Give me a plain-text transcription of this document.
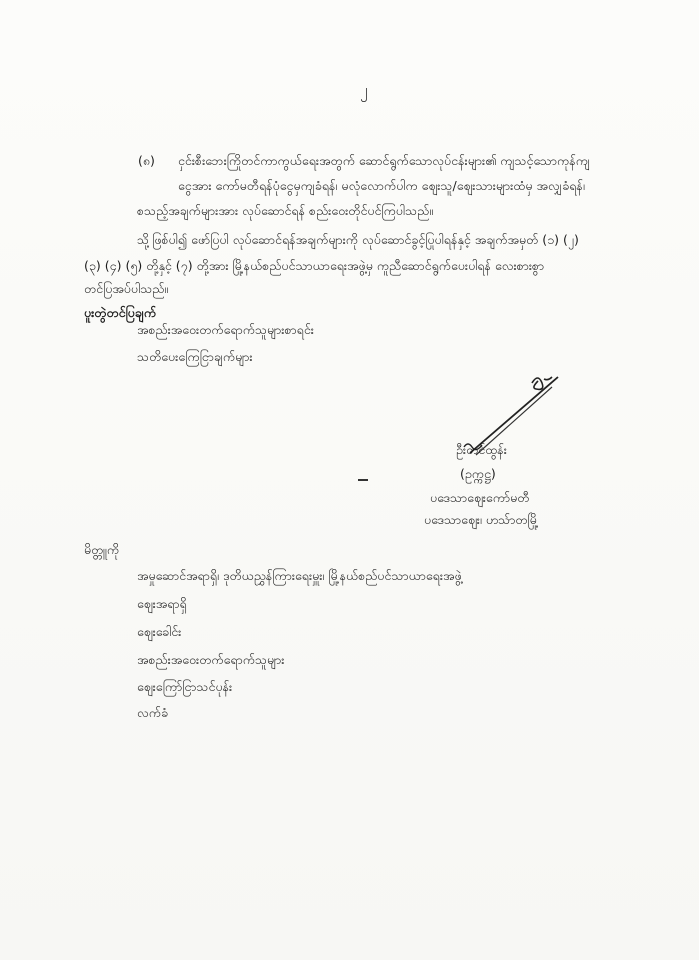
၂
(၈) ငှင်းစီးဘေးကြိုတင်ကာကွယ်ရေးအတွက် ဆောင်ရွက်သောလုပ်ငန်းများ၏ ကျသင့်သောကုန်ကျ
ငွေအား ကော်မတီရန်ပုံငွေမှကျခံရန်၊ မလုံလောက်ပါက ဈေးသူ/ဈေးသားများထံမှ အလျှခံရန်၊
စသည့်အချက်များအား လုပ်ဆောင်ရန် စည်းဝေးတိုင်ပင်ကြပါသည်။
သို့ဖြစ်ပါ၍ ဖော်ပြပါ လုပ်ဆောင်ရန်အချက်များကို လုပ်ဆောင်ခွင့်ပြုပါရန်နှင့် အချက်အမှတ် (၁) (၂)
(၃) (၄) (၅) တို့နှင့် (၇) တို့အား မြို့နယ်စည်ပင်သာယာရေးအဖွဲ့မှ ကူညီဆောင်ရွက်ပေးပါရန် လေးစားစွာ
တင်ပြအပ်ပါသည်။
ပူးတွဲတင်ပြချက်
အစည်းအဝေးတက်ရောက်သူများစာရင်း
သတိပေးကြေငြာချက်များ
ဦးတင်ထွန်း
(ဥက္ကဋ္ဌ)
ပဒေသာဈေးကော်မတီ
ပဒေသာဈေး၊ ဟသ်ာတမြို့
မိတ္တူကို
အမှုဆောင်အရာရှိ၊ ဒုတိယညွှန်ကြားရေးမှူး၊ မြို့နယ်စည်ပင်သာယာရေးအဖွဲ့
ဈေးအရာရှိ
ဈေးခေါင်း
အစည်းအဝေးတက်ရောက်သူများ
ဈေးကြော်ငြာသင်ပုန်း
လက်ခံ
